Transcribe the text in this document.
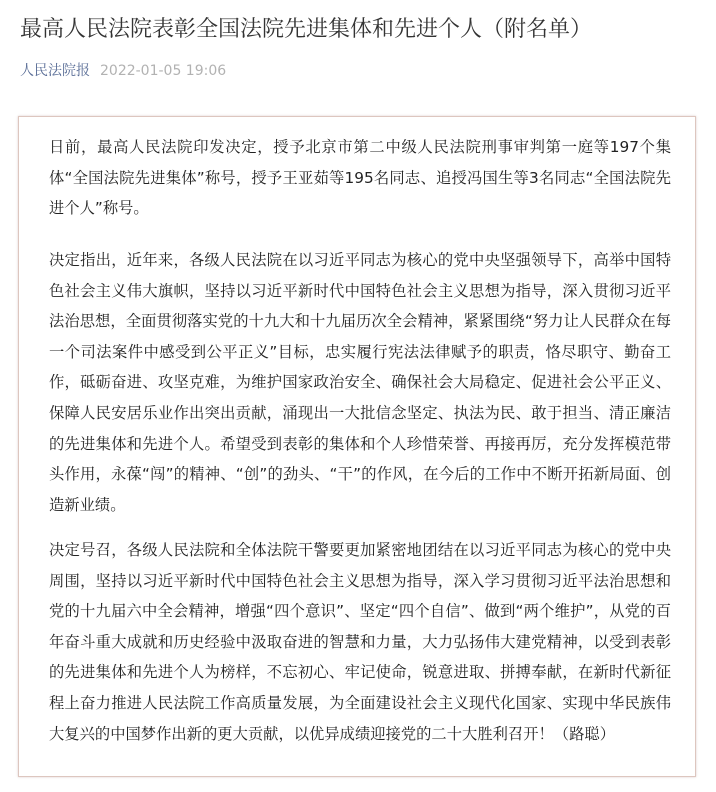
最高人民法院表彰全国法院先进集体和先进个人（附名单）
人民法院报 2022-01-05 19:06

日前，最高人民法院印发决定，授予北京市第二中级人民法院刑事审判第一庭等197个集体“全国法院先进集体”称号，授予王亚茹等195名同志、追授冯国生等3名同志“全国法院先进个人”称号。

决定指出，近年来，各级人民法院在以习近平同志为核心的党中央坚强领导下，高举中国特色社会主义伟大旗帜，坚持以习近平新时代中国特色社会主义思想为指导，深入贯彻习近平法治思想，全面贯彻落实党的十九大和十九届历次全会精神，紧紧围绕“努力让人民群众在每一个司法案件中感受到公平正义”目标，忠实履行宪法法律赋予的职责，恪尽职守、勤奋工作，砥砺奋进、攻坚克难，为维护国家政治安全、确保社会大局稳定、促进社会公平正义、保障人民安居乐业作出突出贡献，涌现出一大批信念坚定、执法为民、敢于担当、清正廉洁的先进集体和先进个人。希望受到表彰的集体和个人珍惜荣誉、再接再厉，充分发挥模范带头作用，永葆“闯”的精神、“创”的劲头、“干”的作风，在今后的工作中不断开拓新局面、创造新业绩。

决定号召，各级人民法院和全体法院干警要更加紧密地团结在以习近平同志为核心的党中央周围，坚持以习近平新时代中国特色社会主义思想为指导，深入学习贯彻习近平法治思想和党的十九届六中全会精神，增强“四个意识”、坚定“四个自信”、做到“两个维护”，从党的百年奋斗重大成就和历史经验中汲取奋进的智慧和力量，大力弘扬伟大建党精神，以受到表彰的先进集体和先进个人为榜样，不忘初心、牢记使命，锐意进取、拼搏奉献，在新时代新征程上奋力推进人民法院工作高质量发展，为全面建设社会主义现代化国家、实现中华民族伟大复兴的中国梦作出新的更大贡献，以优异成绩迎接党的二十大胜利召开！（路聪）
